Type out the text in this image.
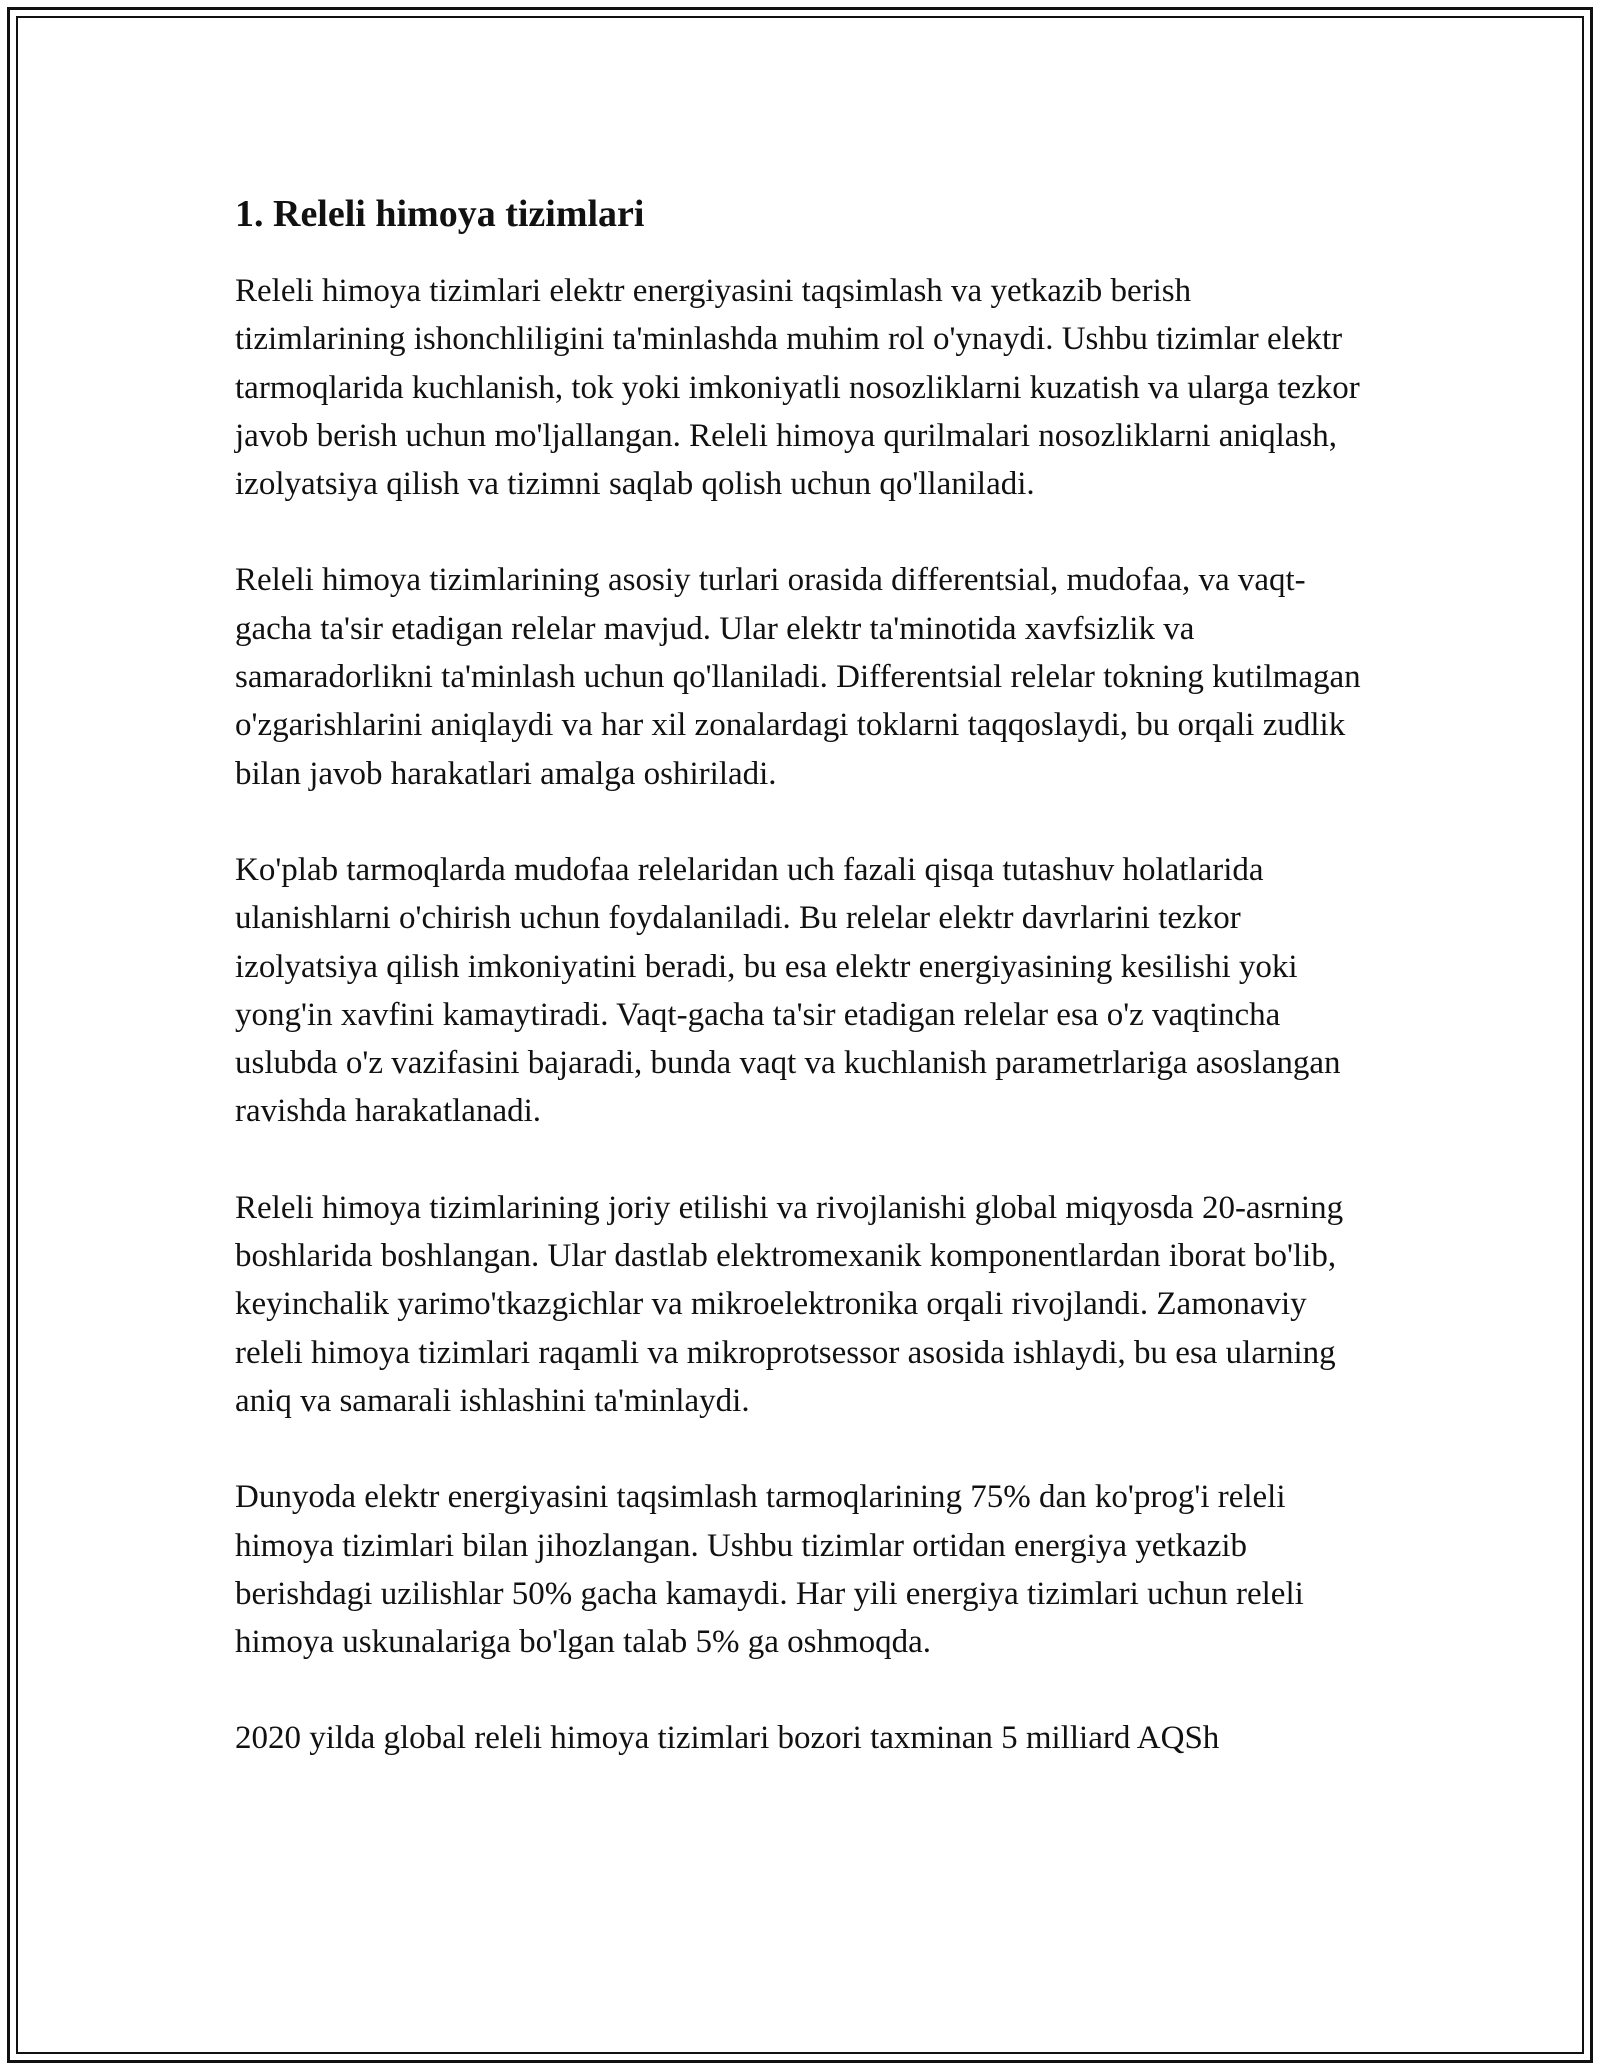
1. Releli himoya tizimlari

Releli himoya tizimlari elektr energiyasini taqsimlash va yetkazib berish tizimlarining ishonchliligini ta'minlashda muhim rol o'ynaydi. Ushbu tizimlar elektr tarmoqlarida kuchlanish, tok yoki imkoniyatli nosozliklarni kuzatish va ularga tezkor javob berish uchun mo'ljallangan. Releli himoya qurilmalari nosozliklarni aniqlash, izolyatsiya qilish va tizimni saqlab qolish uchun qo'llaniladi.

Releli himoya tizimlarining asosiy turlari orasida differentsial, mudofaa, va vaqt-gacha ta'sir etadigan relelar mavjud. Ular elektr ta'minotida xavfsizlik va samaradorlikni ta'minlash uchun qo'llaniladi. Differentsial relelar tokning kutilmagan o'zgarishlarini aniqlaydi va har xil zonalardagi toklarni taqqoslaydi, bu orqali zudlik bilan javob harakatlari amalga oshiriladi.

Ko'plab tarmoqlarda mudofaa relelaridan uch fazali qisqa tutashuv holatlarida ulanishlarni o'chirish uchun foydalaniladi. Bu relelar elektr davrlarini tezkor izolyatsiya qilish imkoniyatini beradi, bu esa elektr energiyasining kesilishi yoki yong'in xavfini kamaytiradi. Vaqt-gacha ta'sir etadigan relelar esa o'z vaqtincha uslubda o'z vazifasini bajaradi, bunda vaqt va kuchlanish parametrlariga asoslangan ravishda harakatlanadi.

Releli himoya tizimlarining joriy etilishi va rivojlanishi global miqyosda 20-asrning boshlarida boshlangan. Ular dastlab elektromexanik komponentlardan iborat bo'lib, keyinchalik yarimo'tkazgichlar va mikroelektronika orqali rivojlandi. Zamonaviy releli himoya tizimlari raqamli va mikroprotsessor asosida ishlaydi, bu esa ularning aniq va samarali ishlashini ta'minlaydi.

Dunyoda elektr energiyasini taqsimlash tarmoqlarining 75% dan ko'prog'i releli himoya tizimlari bilan jihozlangan. Ushbu tizimlar ortidan energiya yetkazib berishdagi uzilishlar 50% gacha kamaydi. Har yili energiya tizimlari uchun releli himoya uskunalariga bo'lgan talab 5% ga oshmoqda.

2020 yilda global releli himoya tizimlari bozori taxminan 5 milliard AQSh
